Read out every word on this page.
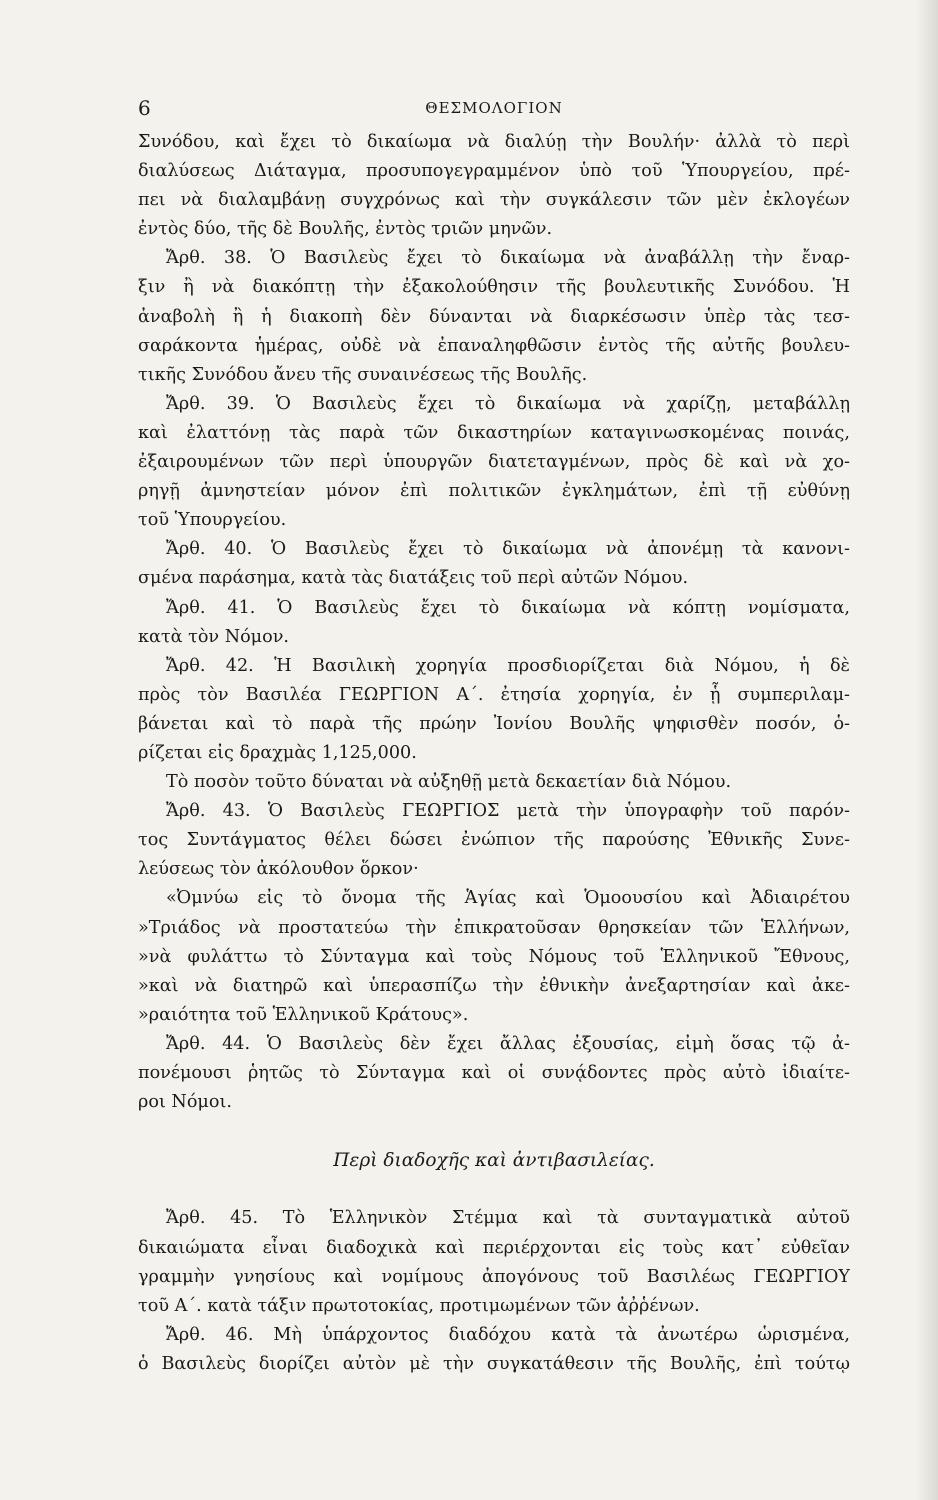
6	ΘΕΣΜΟΛΟΓΙΟΝ
Συνόδου, καὶ ἔχει τὸ δικαίωμα νὰ διαλύῃ τὴν Βουλήν· ἀλλὰ τὸ περὶ
διαλύσεως Διάταγμα, προσυπογεγραμμένον ὑπὸ τοῦ Ὑπουργείου, πρέ-
πει νὰ διαλαμβάνῃ συγχρόνως καὶ τὴν συγκάλεσιν τῶν μὲν ἐκλογέων
ἐντὸς δύο, τῆς δὲ Βουλῆς, ἐντὸς τριῶν μηνῶν.
Ἄρθ. 38. Ὁ Βασιλεὺς ἔχει τὸ δικαίωμα νὰ ἀναβάλλῃ τὴν ἔναρ-
ξιν ἢ νὰ διακόπτῃ τὴν ἐξακολούθησιν τῆς βουλευτικῆς Συνόδου. Ἡ
ἀναβολὴ ἢ ἡ διακοπὴ δὲν δύνανται νὰ διαρκέσωσιν ὑπὲρ τὰς τεσ-
σαράκοντα ἡμέρας, οὐδὲ νὰ ἐπαναληφθῶσιν ἐντὸς τῆς αὐτῆς βουλευ-
τικῆς Συνόδου ἄνευ τῆς συναινέσεως τῆς Βουλῆς.
Ἄρθ. 39. Ὁ Βασιλεὺς ἔχει τὸ δικαίωμα νὰ χαρίζῃ, μεταβάλλῃ
καὶ ἐλαττόνῃ τὰς παρὰ τῶν δικαστηρίων καταγινωσκομένας ποινάς,
ἐξαιρουμένων τῶν περὶ ὑπουργῶν διατεταγμένων, πρὸς δὲ καὶ νὰ χο-
ρηγῇ ἀμνηστείαν μόνον ἐπὶ πολιτικῶν ἐγκλημάτων, ἐπὶ τῇ εὐθύνῃ
τοῦ Ὑπουργείου.
Ἄρθ. 40. Ὁ Βασιλεὺς ἔχει τὸ δικαίωμα νὰ ἀπονέμῃ τὰ κανονι-
σμένα παράσημα, κατὰ τὰς διατάξεις τοῦ περὶ αὐτῶν Νόμου.
Ἄρθ. 41. Ὁ Βασιλεὺς ἔχει τὸ δικαίωμα νὰ κόπτῃ νομίσματα,
κατὰ τὸν Νόμον.
Ἄρθ. 42. Ἡ Βασιλικὴ χορηγία προσδιορίζεται διὰ Νόμου, ἡ δὲ
πρὸς τὸν Βασιλέα ΓΕΩΡΓΙΟΝ Α΄. ἐτησία χορηγία, ἐν ᾗ συμπεριλαμ-
βάνεται καὶ τὸ παρὰ τῆς πρώην Ἰονίου Βουλῆς ψηφισθὲν ποσόν, ὁ-
ρίζεται εἰς δραχμὰς 1,125,000.
Τὸ ποσὸν τοῦτο δύναται νὰ αὐξηθῇ μετὰ δεκαετίαν διὰ Νόμου.
Ἄρθ. 43. Ὁ Βασιλεὺς ΓΕΩΡΓΙΟΣ μετὰ τὴν ὑπογραφὴν τοῦ παρόν-
τος Συντάγματος θέλει δώσει ἐνώπιον τῆς παρούσης Ἐθνικῆς Συνε-
λεύσεως τὸν ἀκόλουθον ὅρκον·
«Ὀμνύω εἰς τὸ ὄνομα τῆς Ἁγίας καὶ Ὁμοουσίου καὶ Ἀδιαιρέτου
»Τριάδος νὰ προστατεύω τὴν ἐπικρατοῦσαν θρησκείαν τῶν Ἑλλήνων,
»νὰ φυλάττω τὸ Σύνταγμα καὶ τοὺς Νόμους τοῦ Ἑλληνικοῦ Ἔθνους,
»καὶ νὰ διατηρῶ καὶ ὑπερασπίζω τὴν ἐθνικὴν ἀνεξαρτησίαν καὶ ἀκε-
»ραιότητα τοῦ Ἑλληνικοῦ Κράτους».
Ἄρθ. 44. Ὁ Βασιλεὺς δὲν ἔχει ἄλλας ἐξουσίας, εἰμὴ ὅσας τῷ ἀ-
πονέμουσι ῥητῶς τὸ Σύνταγμα καὶ οἱ συνᾴδοντες πρὸς αὐτὸ ἰδιαίτε-
ροι Νόμοι.
Περὶ διαδοχῆς καὶ ἀντιβασιλείας.
Ἄρθ. 45. Τὸ Ἑλληνικὸν Στέμμα καὶ τὰ συνταγματικὰ αὐτοῦ
δικαιώματα εἶναι διαδοχικὰ καὶ περιέρχονται εἰς τοὺς κατ᾽ εὐθεῖαν
γραμμὴν γνησίους καὶ νομίμους ἀπογόνους τοῦ Βασιλέως ΓΕΩΡΓΙΟΥ
τοῦ Α΄. κατὰ τάξιν πρωτοτοκίας, προτιμωμένων τῶν ἀῤῥένων.
Ἄρθ. 46. Μὴ ὑπάρχοντος διαδόχου κατὰ τὰ ἀνωτέρω ὡρισμένα,
ὁ Βασιλεὺς διορίζει αὐτὸν μὲ τὴν συγκατάθεσιν τῆς Βουλῆς, ἐπὶ τούτῳ
